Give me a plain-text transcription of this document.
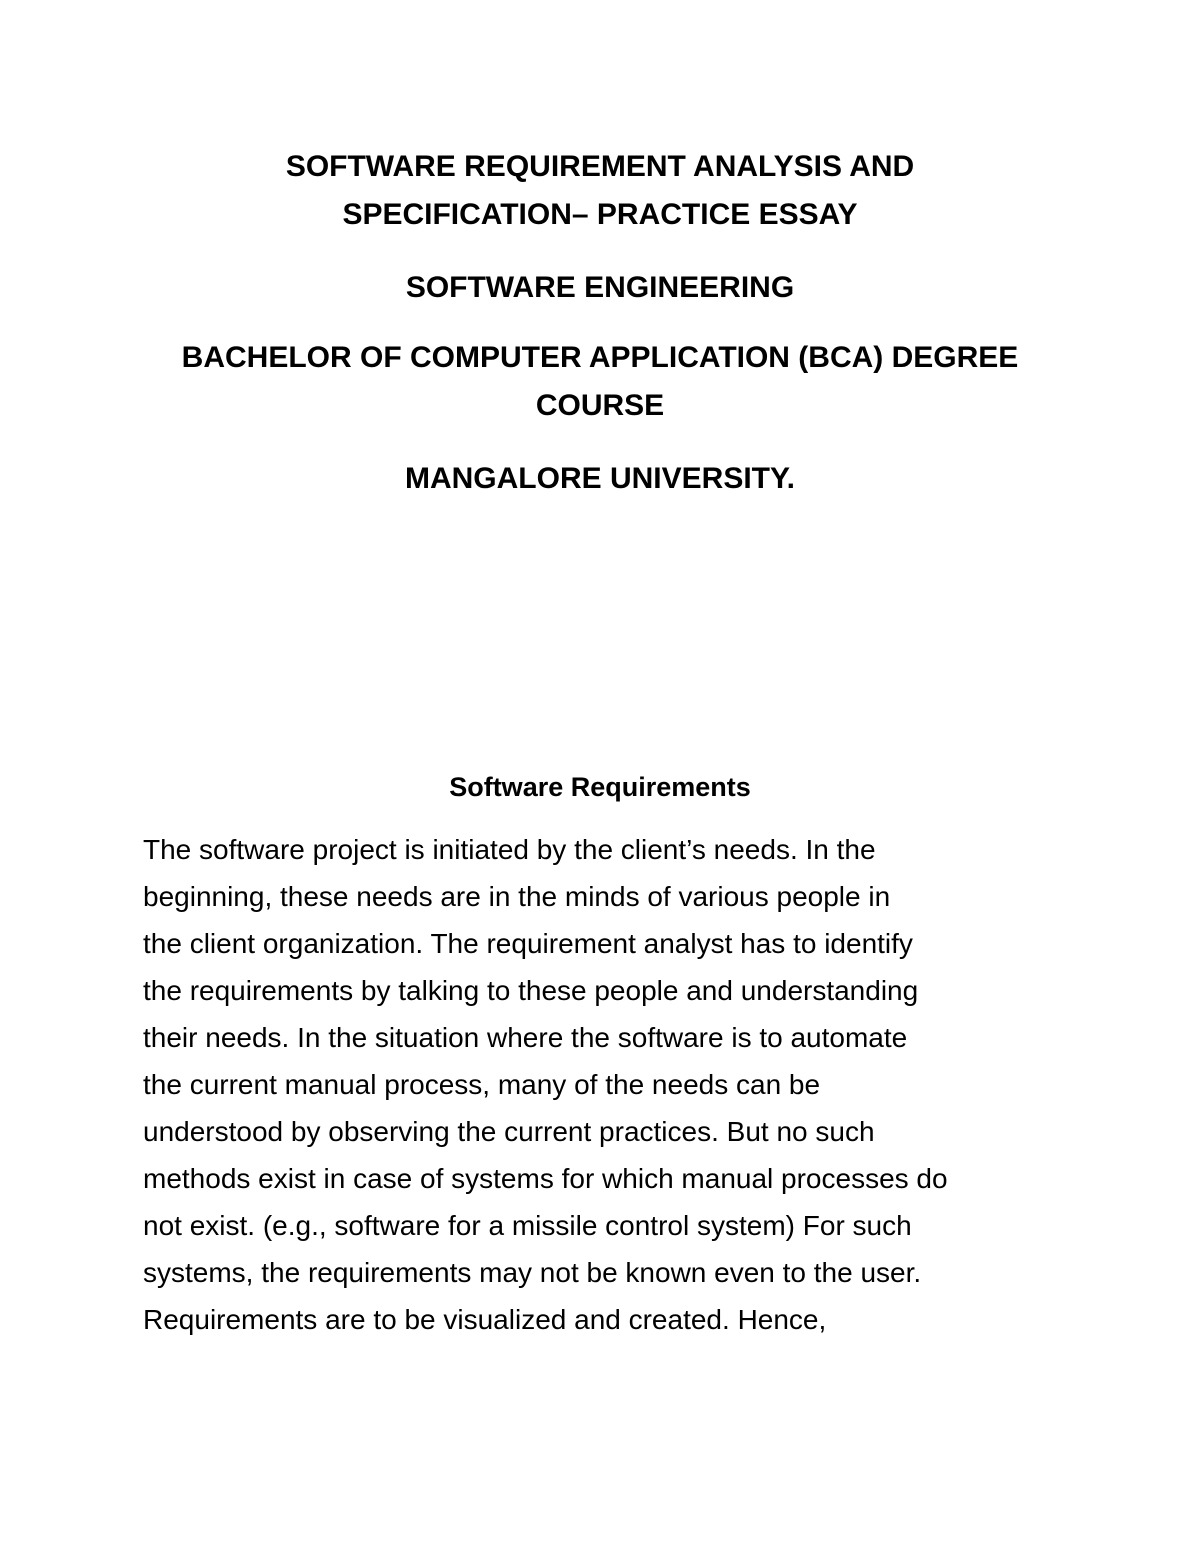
SOFTWARE REQUIREMENT ANALYSIS AND
SPECIFICATION– PRACTICE ESSAY
SOFTWARE ENGINEERING
BACHELOR OF COMPUTER APPLICATION (BCA) DEGREE
COURSE
MANGALORE UNIVERSITY.
Software Requirements
The software project is initiated by the client’s needs. In the
beginning, these needs are in the minds of various people in
the client organization. The requirement analyst has to identify
the requirements by talking to these people and understanding
their needs. In the situation where the software is to automate
the current manual process, many of the needs can be
understood by observing the current practices. But no such
methods exist in case of systems for which manual processes do
not exist. (e.g., software for a missile control system) For such
systems, the requirements may not be known even to the user.
Requirements are to be visualized and created. Hence,
